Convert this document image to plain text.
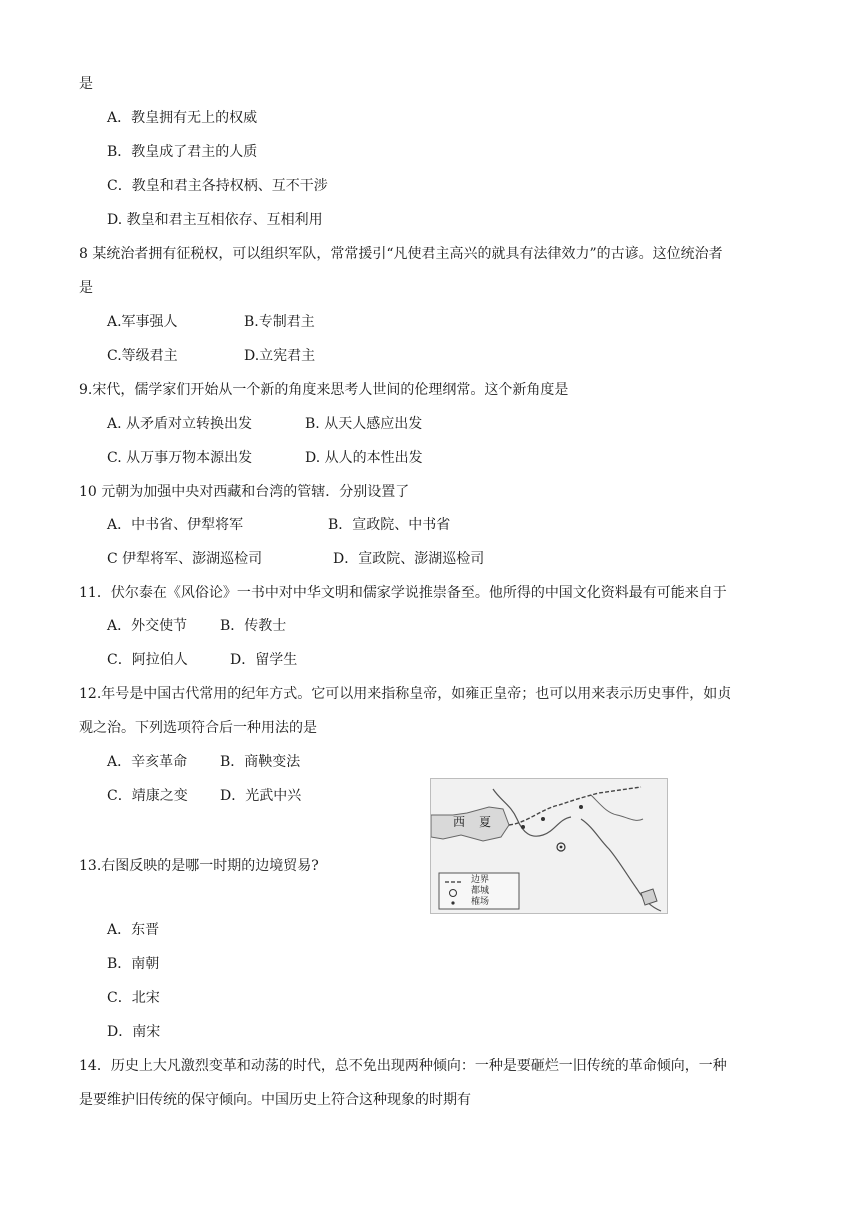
是
A．教皇拥有无上的权威
B．教皇成了君主的人质
C．教皇和君主各持权柄、互不干涉
D. 教皇和君主互相依存、互相利用
8 某统治者拥有征税权，可以组织军队，常常援引“凡使君主高兴的就具有法律效力”的古谚。这位统治者
是
A.军事强人	B.专制君主
C.等级君主	D.立宪君主
9.宋代，儒学家们开始从一个新的角度来思考人世间的伦理纲常。这个新角度是
A. 从矛盾对立转换出发	B. 从天人感应出发
C. 从万事万物本源出发	D. 从人的本性出发
10 元朝为加强中央对西藏和台湾的管辖．分别设置了
A．中书省、伊犁将军	B．宣政院、中书省
C 伊犁将军、澎湖巡检司	D．宣政院、澎湖巡检司
11．伏尔泰在《风俗论》一书中对中华文明和儒家学说推崇备至。他所得的中国文化资料最有可能来自于
A．外交使节 B．传教士
C．阿拉伯人	D．留学生
12.年号是中国古代常用的纪年方式。它可以用来指称皇帝，如雍正皇帝；也可以用来表示历史事件，如贞
观之治。下列选项符合后一种用法的是
A．辛亥革命 B．商鞅变法
C．靖康之变 D．光武中兴
西 夏
边界
都城
榷场
13.右图反映的是哪一时期的边境贸易?
A．东晋
B．南朝
C．北宋
D．南宋
14．历史上大凡激烈变革和动荡的时代，总不免出现两种倾向：一种是要砸烂一旧传统的革命倾向，一种
是要维护旧传统的保守倾向。中国历史上符合这种现象的时期有
